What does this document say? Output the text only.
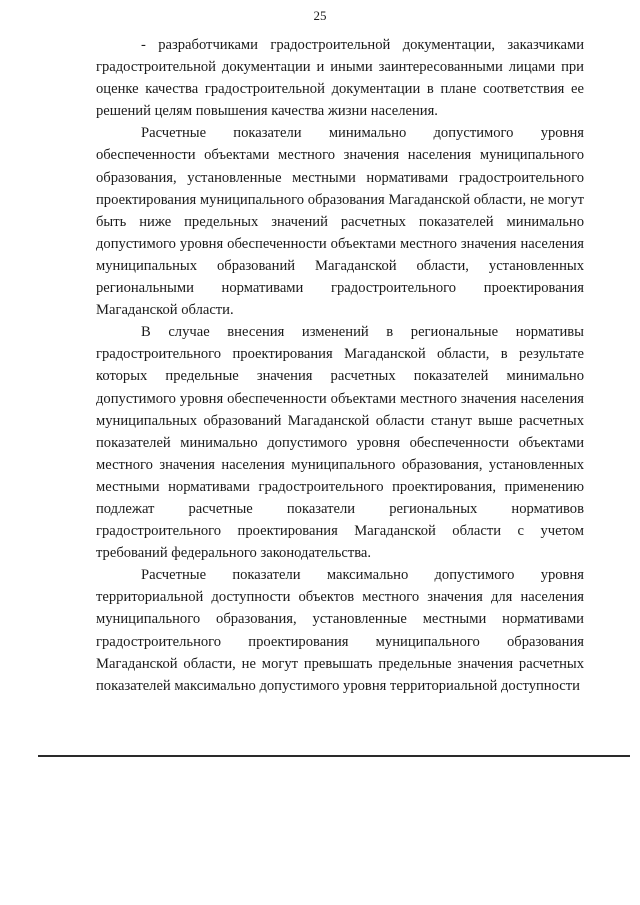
25

- разработчиками градостроительной документации, заказчиками градостроительной документации и иными заинтересованными лицами при оценке качества градостроительной документации в плане соответствия ее решений целям повышения качества жизни населения.

Расчетные показатели минимально допустимого уровня обеспеченности объектами местного значения населения муниципального образования, установленные местными нормативами градостроительного проектирования муниципального образования Магаданской области, не могут быть ниже предельных значений расчетных показателей минимально допустимого уровня обеспеченности объектами местного значения населения муниципальных образований Магаданской области, установленных региональными нормативами градостроительного проектирования Магаданской области.

В случае внесения изменений в региональные нормативы градостроительного проектирования Магаданской области, в результате которых предельные значения расчетных показателей минимально допустимого уровня обеспеченности объектами местного значения населения муниципальных образований Магаданской области станут выше расчетных показателей минимально допустимого уровня обеспеченности объектами местного значения населения муниципального образования, установленных местными нормативами градостроительного проектирования, применению подлежат расчетные показатели региональных нормативов градостроительного проектирования Магаданской области с учетом требований федерального законодательства.

Расчетные показатели максимально допустимого уровня территориальной доступности объектов местного значения для населения муниципального образования, установленные местными нормативами градостроительного проектирования муниципального образования Магаданской области, не могут превышать предельные значения расчетных показателей максимально допустимого уровня территориальной доступности
